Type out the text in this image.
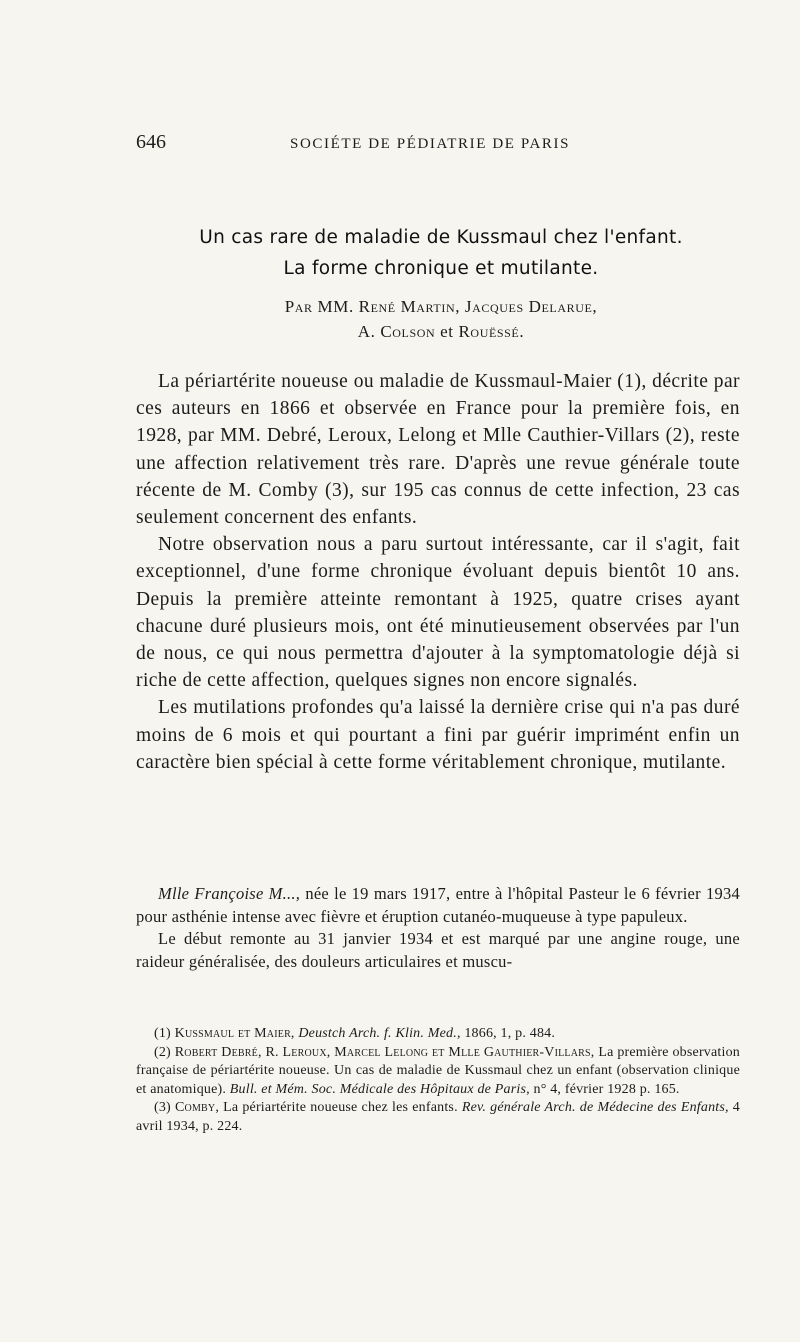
646	SOCIÉTE DE PÉDIATRIE DE PARIS
Un cas rare de maladie de Kussmaul chez l'enfant.
La forme chronique et mutilante.
Par MM. René Martin, Jacques Delarue,
A. Colson et Rouëssé.

La périartérite noueuse ou maladie de Kussmaul-Maier (1), décrite par ces auteurs en 1866 et observée en France pour la première fois, en 1928, par MM. Debré, Leroux, Lelong et Mlle Cauthier-Villars (2), reste une affection relativement très rare. D'après une revue générale toute récente de M. Comby (3), sur 195 cas connus de cette infection, 23 cas seulement concernent des enfants.

Notre observation nous a paru surtout intéressante, car il s'agit, fait exceptionnel, d'une forme chronique évoluant depuis bientôt 10 ans. Depuis la première atteinte remontant à 1925, quatre crises ayant chacune duré plusieurs mois, ont été minutieusement observées par l'un de nous, ce qui nous permettra d'ajouter à la symptomatologie déjà si riche de cette affection, quelques signes non encore signalés.

Les mutilations profondes qu'a laissé la dernière crise qui n'a pas duré moins de 6 mois et qui pourtant a fini par guérir imprimént enfin un caractère bien spécial à cette forme véritablement chronique, mutilante.

Mlle Françoise M..., née le 19 mars 1917, entre à l'hôpital Pasteur le 6 février 1934 pour asthénie intense avec fièvre et éruption cutanéo-muqueuse à type papuleux.

Le début remonte au 31 janvier 1934 et est marqué par une angine rouge, une raideur généralisée, des douleurs articulaires et muscu-

(1) Kussmaul et Maier, Deustch Arch. f. Klin. Med., 1866, 1, p. 484.

(2) Robert Debré, R. Leroux, Marcel Lelong et Mlle Gauthier-Villars, La première observation française de périartérite noueuse. Un cas de maladie de Kussmaul chez un enfant (observation clinique et anatomique). Bull. et Mém. Soc. Médicale des Hôpitaux de Paris, n° 4, février 1928 p. 165.

(3) Comby, La périartérite noueuse chez les enfants. Rev. générale Arch. de Médecine des Enfants, 4 avril 1934, p. 224.
